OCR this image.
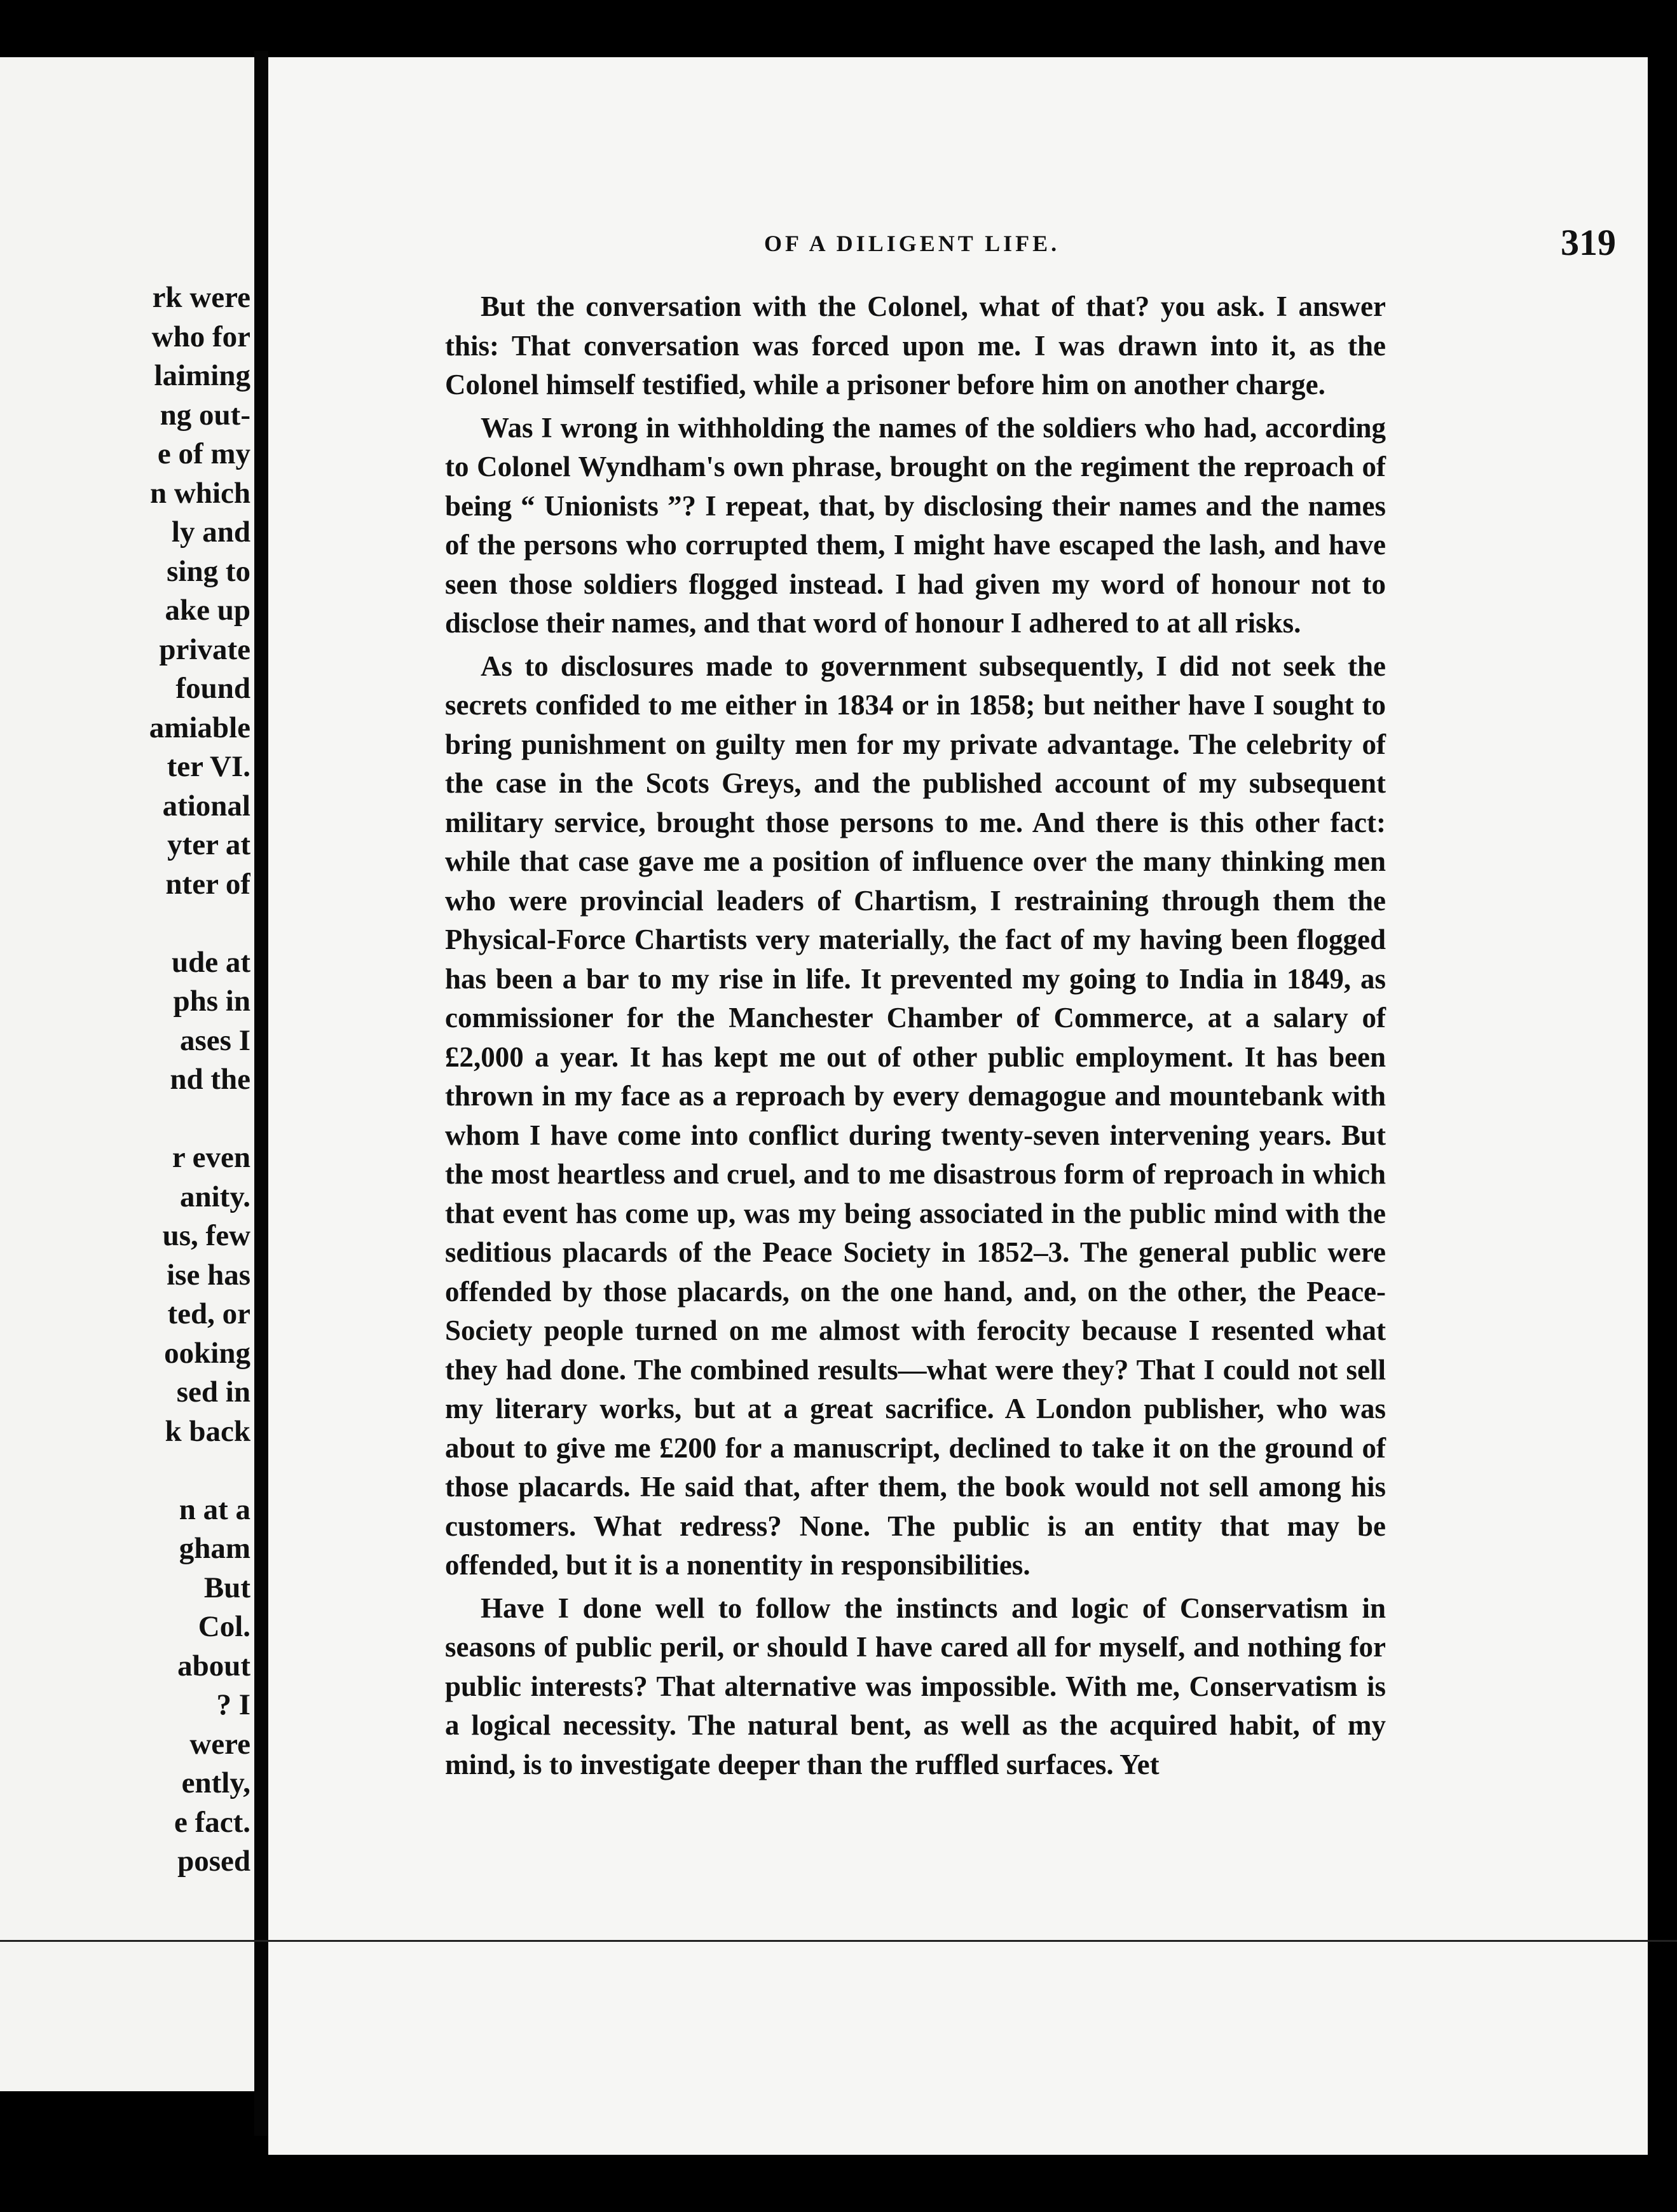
rk were
who for
laiming
ng out-
e of my
n which
ly and
sing to
ake up
private
found
amiable
ter VI.
ational
yter at
nter of
ude at
phs in
ases I
nd the
r even
anity.
us, few
ise has
ted, or
ooking
sed in
k back
n at a
gham
But
Col.
about
? I
were
ently,
e fact.
posed
OF A DILIGENT LIFE.	319

But the conversation with the Colonel, what of that? you ask. I answer this: That conversation was forced upon me. I was drawn into it, as the Colonel himself testified, while a prisoner before him on another charge.

Was I wrong in withholding the names of the soldiers who had, according to Colonel Wyndham's own phrase, brought on the regiment the reproach of being “ Unionists ”? I repeat, that, by disclosing their names and the names of the persons who corrupted them, I might have escaped the lash, and have seen those soldiers flogged instead. I had given my word of honour not to disclose their names, and that word of honour I adhered to at all risks.

As to disclosures made to government subsequently, I did not seek the secrets confided to me either in 1834 or in 1858; but neither have I sought to bring punishment on guilty men for my private advantage. The celebrity of the case in the Scots Greys, and the published account of my subsequent military service, brought those persons to me. And there is this other fact: while that case gave me a position of influence over the many thinking men who were provincial leaders of Chartism, I restraining through them the Physical-Force Chartists very materially, the fact of my having been flogged has been a bar to my rise in life. It prevented my going to India in 1849, as commissioner for the Manchester Chamber of Commerce, at a salary of £2,000 a year. It has kept me out of other public employment. It has been thrown in my face as a reproach by every demagogue and mountebank with whom I have come into conflict during twenty-seven intervening years. But the most heartless and cruel, and to me disastrous form of reproach in which that event has come up, was my being associated in the public mind with the seditious placards of the Peace Society in 1852–3. The general public were offended by those placards, on the one hand, and, on the other, the Peace-Society people turned on me almost with ferocity because I resented what they had done. The combined results—what were they? That I could not sell my literary works, but at a great sacrifice. A London publisher, who was about to give me £200 for a manuscript, declined to take it on the ground of those placards. He said that, after them, the book would not sell among his customers. What redress? None. The public is an entity that may be offended, but it is a nonentity in responsibilities.

Have I done well to follow the instincts and logic of Conservatism in seasons of public peril, or should I have cared all for myself, and nothing for public interests? That alternative was impossible. With me, Conservatism is a logical necessity. The natural bent, as well as the acquired habit, of my mind, is to investigate deeper than the ruffled surfaces. Yet
